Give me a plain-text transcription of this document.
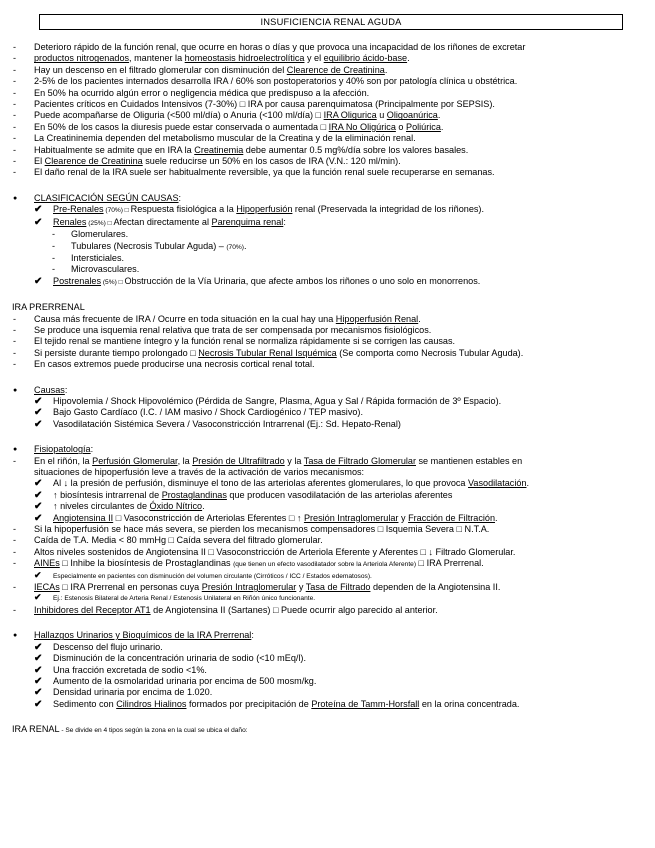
INSUFICIENCIA RENAL AGUDA
- Deterioro rápido de la función renal, que ocurre en horas o días y que provoca una incapacidad de los riñones de excretar
- productos nitrogenados, mantener la homeostasis hidroelectrolítica y el equilibrio ácido-base.
- Hay un descenso en el filtrado glomerular con disminución del Clearence de Creatinina.
- 2-5% de los pacientes internados desarrolla IRA / 60% son postoperatorios y 40% son por patología clínica u obstétrica.
- En 50% ha ocurrido algún error o negligencia médica que predispuso a la afección.
- Pacientes críticos en Cuidados Intensivos (7-30%) □ IRA por causa parenquimatosa (Principalmente por SEPSIS).
- Puede acompañarse de Oliguria (<500 ml/día) o Anuria (<100 ml/día) □ IRA Oligurica u Oligoanúrica.
- En 50% de los casos la diuresis puede estar conservada o aumentada □ IRA No Oligúrica o Poliúrica.
- La Creatininemia dependen del metabolismo muscular de la Creatina y de la eliminación renal.
- Habitualmente se admite que en IRA la Creatinemia debe aumentar 0.5 mg%/día sobre los valores basales.
- El Clearence de Creatinina suele reducirse un 50% en los casos de IRA (V.N.: 120 ml/min).
- El daño renal de la IRA suele ser habitualmente reversible, ya que la función renal suele recuperarse en semanas.
● CLASIFICACIÓN SEGÚN CAUSAS:
✔ Pre-Renales (70%) □ Respuesta fisiológica a la Hipoperfusión renal (Preservada la integridad de los riñones).
✔ Renales (25%) □ Afectan directamente al Parenquima renal:
- Glomerulares.
- Tubulares (Necrosis Tubular Aguda) – (70%).
- Intersticiales.
- Microvasculares.
✔ Postrenales (5%) □ Obstrucción de la Vía Urinaria, que afecte ambos los riñones o uno solo en monorrenos.
IRA PRERRENAL
- Causa más frecuente de IRA / Ocurre en toda situación en la cual hay una Hipoperfusión Renal.
- Se produce una isquemia renal relativa que trata de ser compensada por mecanismos fisiológicos.
- El tejido renal se mantiene íntegro y la función renal se normaliza rápidamente si se corrigen las causas.
- Si persiste durante tiempo prolongado □ Necrosis Tubular Renal Isquémica (Se comporta como Necrosis Tubular Aguda).
- En casos extremos puede producirse una necrosis cortical renal total.
● Causas:
✔ Hipovolemia / Shock Hipovolémico (Pérdida de Sangre, Plasma, Agua y Sal / Rápida formación de 3º Espacio).
✔ Bajo Gasto Cardíaco (I.C. / IAM masivo / Shock Cardiogénico / TEP masivo).
✔ Vasodilatación Sistémica Severa / Vasoconstricción Intrarrenal (Ej.: Sd. Hepato-Renal)
● Fisiopatología:
- En el riñón, la Perfusión Glomerular, la Presión de Ultrafiltrado y la Tasa de Filtrado Glomerular se mantienen estables en
situaciones de hipoperfusión leve a través de la activación de varios mecanismos:
✔ Al ↓ la presión de perfusión, disminuye el tono de las arteriolas aferentes glomerulares, lo que provoca Vasodilatación.
✔ ↑ biosíntesis intrarrenal de Prostaglandinas que producen vasodilatación de las arteriolas aferentes
✔ ↑ niveles circulantes de Óxido Nítrico.
✔ Angiotensina II □ Vasoconstricción de Arteriolas Eferentes □ ↑ Presión Intraglomerular y Fracción de Filtración.
- Si la hipoperfusión se hace más severa, se pierden los mecanismos compensadores □ Isquemia Severa □ N.T.A.
- Caída de T.A. Media < 80 mmHg □ Caída severa del filtrado glomerular.
- Altos niveles sostenidos de Angiotensina II □ Vasoconstricción de Arteriola Eferente y Aferentes □ ↓ Filtrado Glomerular.
- AINEs □ Inhibe la biosíntesis de Prostaglandinas (que tienen un efecto vasodilatador sobre la Arteriola Aferente) □ IRA Prerrenal.
✔ Especialmente en pacientes con disminución del volumen circulante (Cirróticos / ICC / Estados edematosos).
- IECAs □ IRA Prerrenal en personas cuya Presión Intraglomerular y Tasa de Filtrado dependen de la Angiotensina II.
✔ Ej.: Estenosis Bilateral de Arteria Renal / Estenosis Unilateral en Riñón único funcionante.
- Inhibidores del Receptor AT1 de Angiotensina II (Sartanes) □ Puede ocurrir algo parecido al anterior.
● Hallazgos Urinarios y Bioquímicos de la IRA Prerrenal:
✔ Descenso del flujo urinario.
✔ Disminución de la concentración urinaria de sodio (<10 mEq/l).
✔ Una fracción excretada de sodio <1%.
✔ Aumento de la osmolaridad urinaria por encima de 500 mosm/kg.
✔ Densidad urinaria por encima de 1.020.
✔ Sedimento con Cilindros Hialinos formados por precipitación de Proteína de Tamm-Horsfall en la orina concentrada.
IRA RENAL - Se divide en 4 tipos según la zona en la cual se ubica el daño:
